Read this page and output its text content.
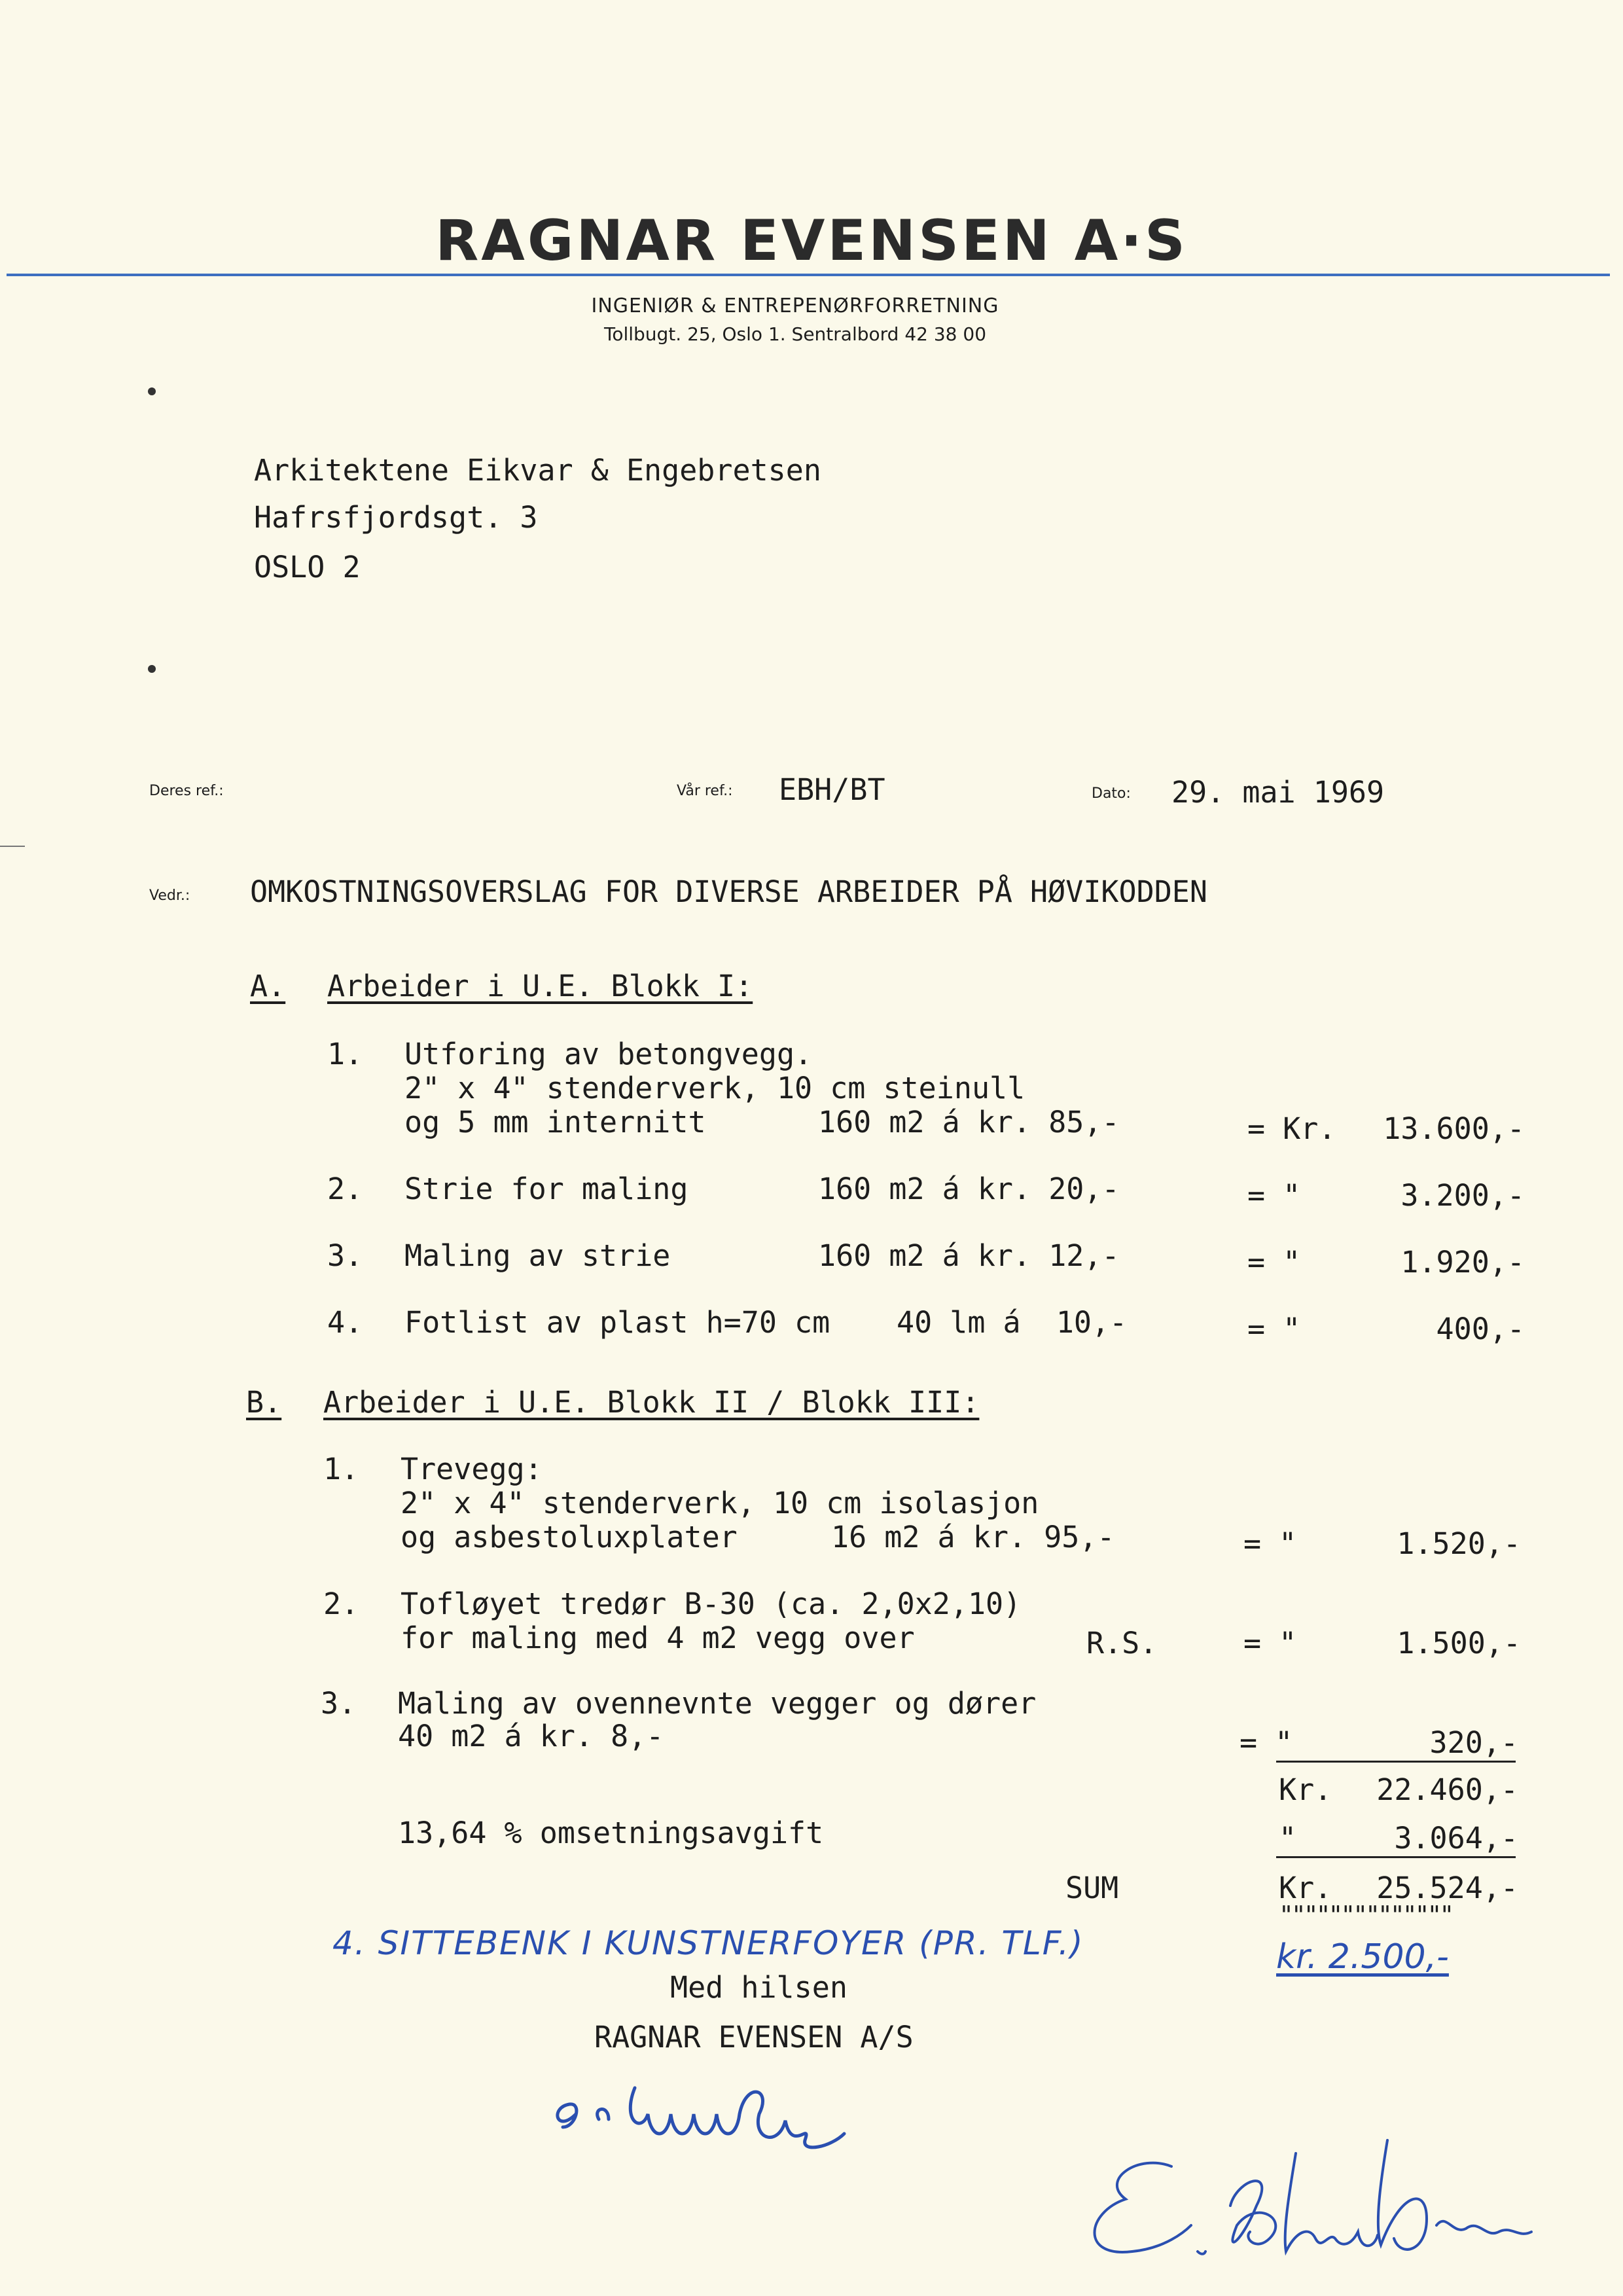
RAGNAR EVENSEN A·S
INGENIØR & ENTREPENØRFORRETNING
Tollbugt. 25, Oslo 1. Sentralbord 42 38 00
Arkitektene Eikvar & Engebretsen
Hafrsfjordsgt. 3
OSLO 2
Deres ref.:	Vår ref.: EBH/BT	Dato: 29. mai 1969
Vedr.: OMKOSTNINGSOVERSLAG FOR DIVERSE ARBEIDER PÅ HØVIKODDEN
A. Arbeider i U.E. Blokk I:
1. Utforing av betongvegg.
2" x 4" stenderverk, 10 cm steinull
og 5 mm internitt	160 m2 á kr. 85,-	= Kr.	13.600,-
2. Strie for maling	160 m2 á kr. 20,-	= "	3.200,-
3. Maling av strie	160 m2 á kr. 12,-	= "	1.920,-
4. Fotlist av plast h=70 cm 40 lm á  10,-	= "	400,-
B. Arbeider i U.E. Blokk II / Blokk III:
1. Trevegg:
2" x 4" stenderverk, 10 cm isolasjon
og asbestoluxplater	16 m2 á kr. 95,-	= "	1.520,-
2. Tofløyet tredør B-30 (ca. 2,0x2,10)
for maling med 4 m2 vegg over	R.S.	= "	1.500,-
3. Maling av ovennevnte vegger og dører
40 m2 á kr. 8,-	= "	320,-
Kr.	22.460,-
13,64 % omsetningsavgift	"	3.064,-
SUM	Kr.	25.524,-
""""""""""""""
4. SITTEBENK I KUNSTNERFOYER (PR. TLF.)	kr. 2.500,-
Med hilsen
RAGNAR EVENSEN A/S
